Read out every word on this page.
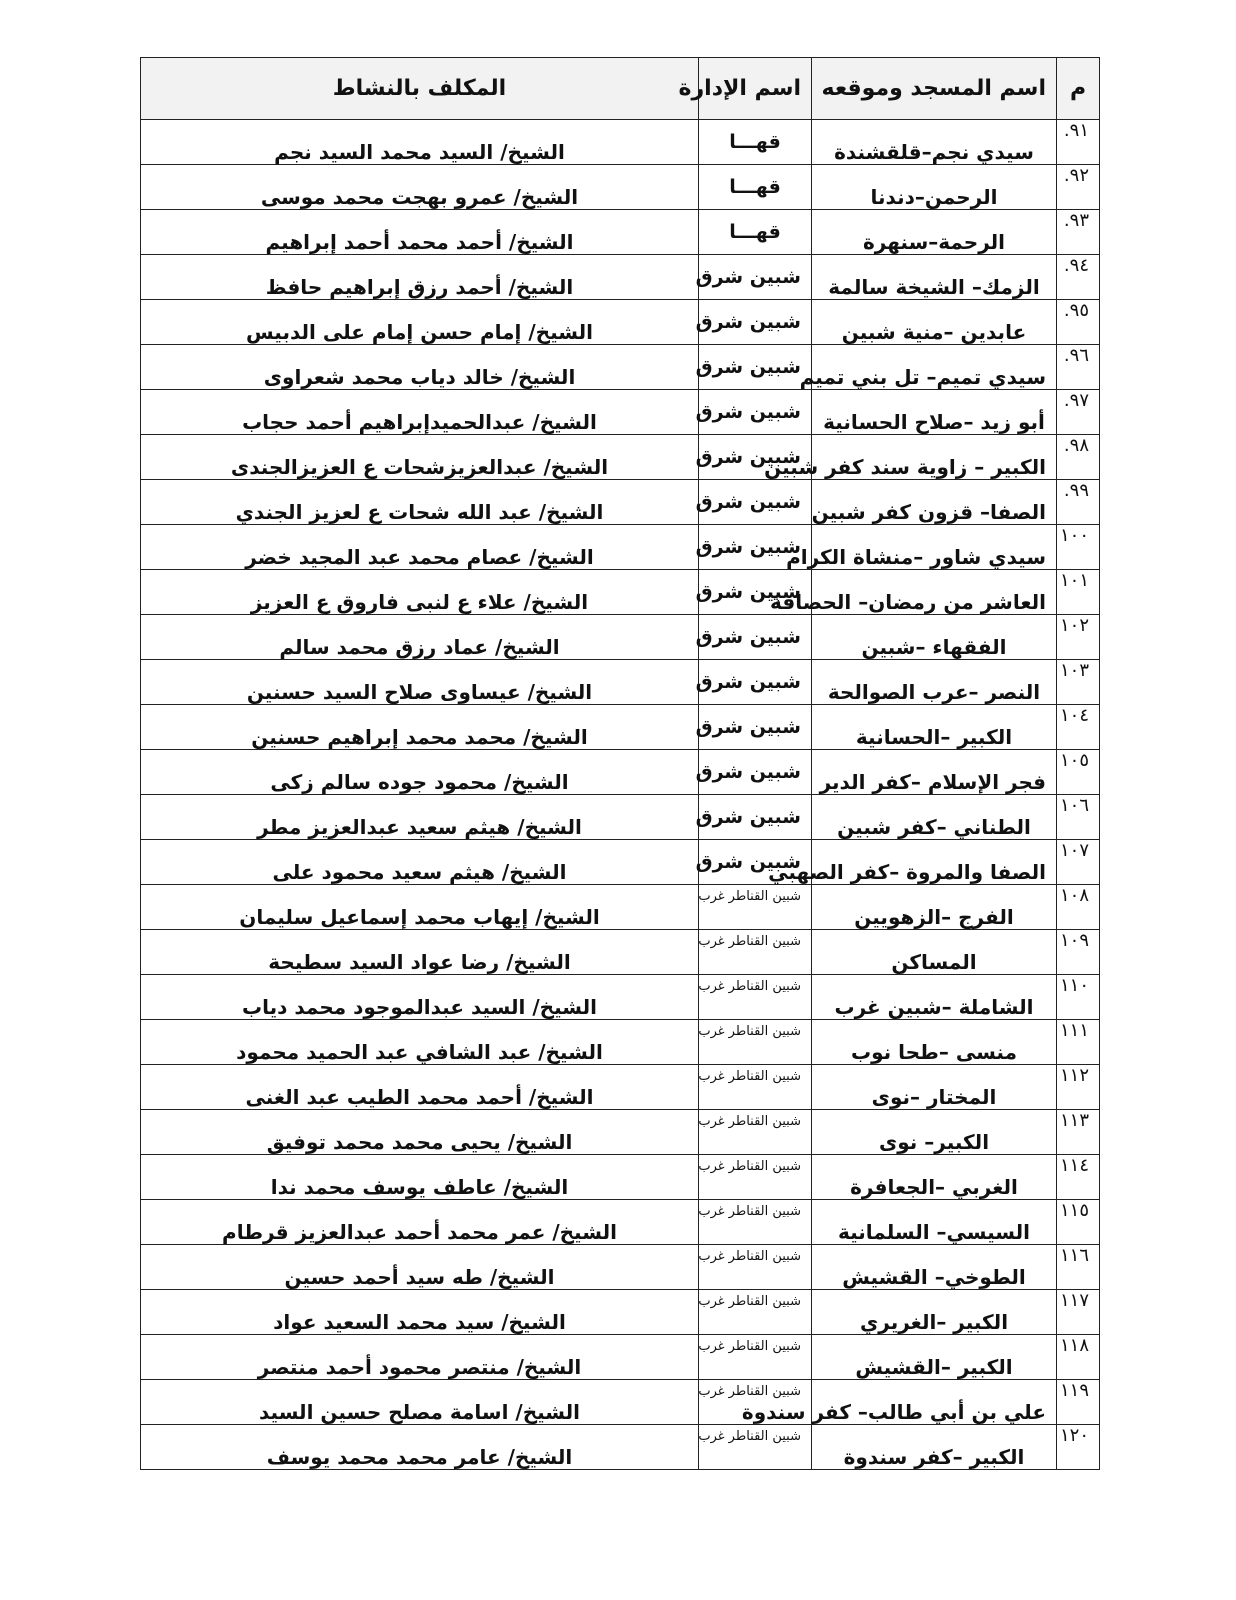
م	اسم المسجد وموقعه	اسم الإدارة	المكلف بالنشاط
٩١.	سيدي نجم–قلقشندة	قهـــا	الشيخ/ السيد محمد السيد نجم
٩٢.	الرحمن–دندنا	قهـــا	الشيخ/ عمرو بهجت محمد موسى
٩٣.	الرحمة–سنهرة	قهـــا	الشيخ/ أحمد محمد أحمد إبراهيم
٩٤.	الزمك– الشيخة سالمة	شبين شرق	الشيخ/ أحمد رزق إبراهيم حافظ
٩٥.	عابدين –منية شبين	شبين شرق	الشيخ/ إمام حسن إمام على الدبيس
٩٦.	سيدي تميم– تل بني تميم	شبين شرق	الشيخ/ خالد دياب محمد شعراوى
٩٧.	أبو زيد –صلاح الحسانية	شبين شرق	الشيخ/ عبدالحميدإبراهيم أحمد حجاب
٩٨.	الكبير – زاوية سند كفر شبين	شبين شرق	الشيخ/ عبدالعزيزشحات ع العزيزالجندى
٩٩.	الصفا– قزون كفر شبين	شبين شرق	الشيخ/ عبد الله شحات ع لعزيز الجندي
١٠٠	سيدي شاور –منشاة الكرام	شبين شرق	الشيخ/ عصام محمد عبد المجيد خضر
١٠١	العاشر من رمضان– الحصافة	شبين شرق	الشيخ/ علاء ع لنبى فاروق ع العزيز
١٠٢	الفقهاء –شبين	شبين شرق	الشيخ/ عماد رزق محمد سالم
١٠٣	النصر –عرب الصوالحة	شبين شرق	الشيخ/ عيساوى صلاح السيد حسنين
١٠٤	الكبير –الحسانية	شبين شرق	الشيخ/ محمد محمد إبراهيم حسنين
١٠٥	فجر الإسلام –كفر الدير	شبين شرق	الشيخ/ محمود جوده سالم زكى
١٠٦	الطناني –كفر شبين	شبين شرق	الشيخ/ هيثم سعيد عبدالعزيز مطر
١٠٧	الصفا والمروة –كفر الصهبي	شبين شرق	الشيخ/ هيثم سعيد محمود على
١٠٨	الفرج –الزهويين	شبين القناطر غرب	الشيخ/ إيهاب محمد إسماعيل سليمان
١٠٩	المساكن	شبين القناطر غرب	الشيخ/ رضا عواد السيد سطيحة
١١٠	الشاملة –شبين غرب	شبين القناطر غرب	الشيخ/ السيد عبدالموجود محمد دياب
١١١	منسى –طحا نوب	شبين القناطر غرب	الشيخ/ عبد الشافي عبد الحميد محمود
١١٢	المختار –نوى	شبين القناطر غرب	الشيخ/ أحمد محمد الطيب عبد الغنى
١١٣	الكبير– نوى	شبين القناطر غرب	الشيخ/ يحيى محمد محمد توفيق
١١٤	الغربي –الجعافرة	شبين القناطر غرب	الشيخ/ عاطف يوسف محمد ندا
١١٥	السيسي– السلمانية	شبين القناطر غرب	الشيخ/ عمر محمد أحمد عبدالعزيز قرطام
١١٦	الطوخي– القشيش	شبين القناطر غرب	الشيخ/ طه سيد أحمد حسين
١١٧	الكبير –الغريري	شبين القناطر غرب	الشيخ/ سيد محمد السعيد عواد
١١٨	الكبير –القشيش	شبين القناطر غرب	الشيخ/ منتصر محمود أحمد منتصر
١١٩	علي بن أبي طالب– كفر سندوة	شبين القناطر غرب	الشيخ/ اسامة مصلح حسين السيد
١٢٠	الكبير –كفر سندوة	شبين القناطر غرب	الشيخ/ عامر محمد محمد يوسف
